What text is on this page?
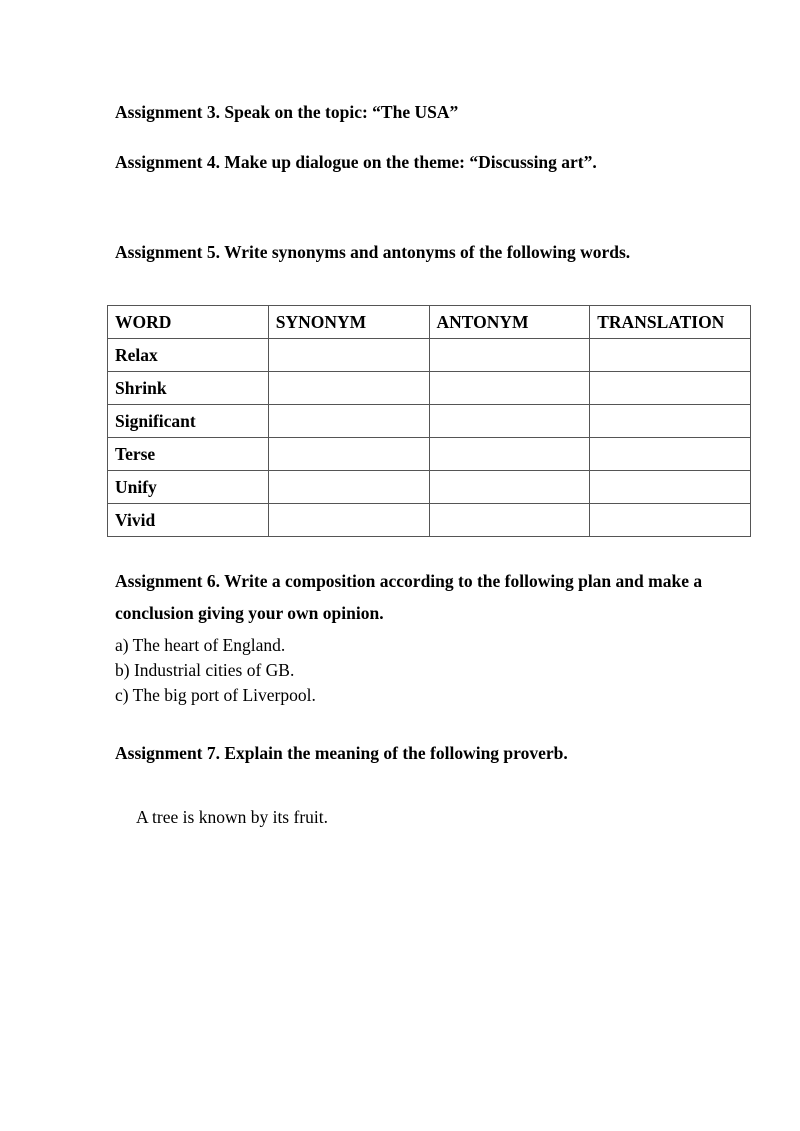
Assignment 3. Speak on the topic: “The USA”
Assignment 4. Make up dialogue on the theme: “Discussing art”.
Assignment 5. Write synonyms and antonyms of the following words.
WORD	SYNONYM	ANTONYM	TRANSLATION
Relax			
Shrink			
Significant			
Terse			
Unify			
Vivid			
Assignment 6. Write a composition according to the following plan and make a conclusion giving your own opinion.
a) The heart of England.
b) Industrial cities of GB.
c) The big port of Liverpool.
Assignment 7. Explain the meaning of the following proverb.
A tree is known by its fruit.
